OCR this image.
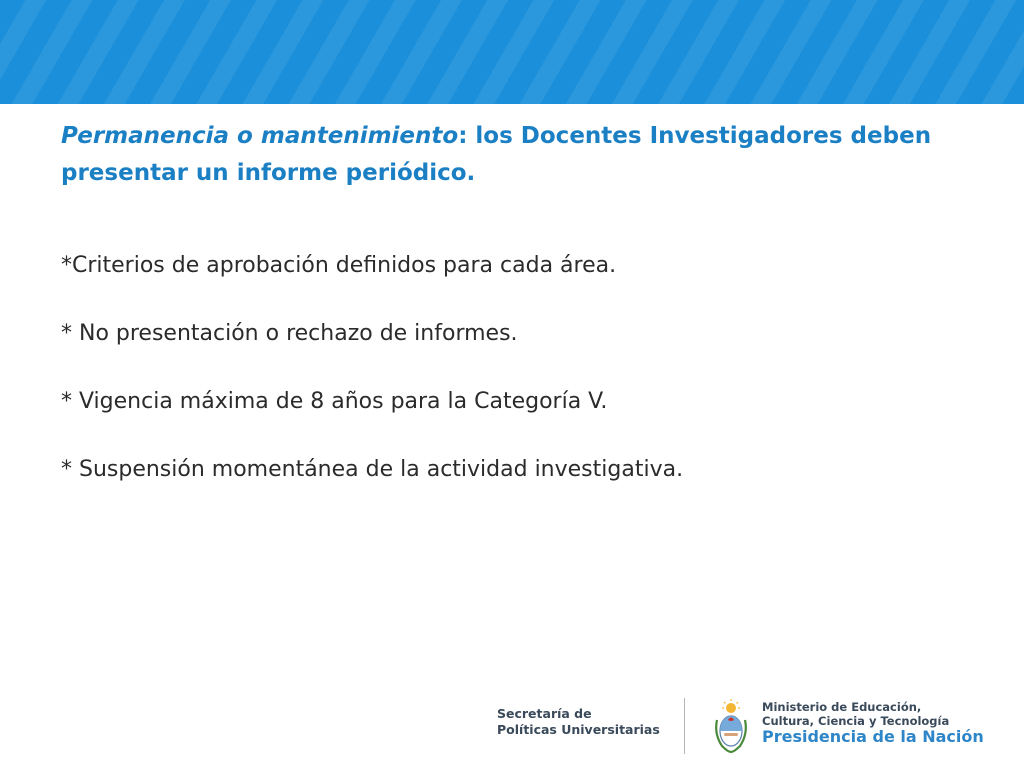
Permanencia o mantenimiento: los Docentes Investigadores deben presentar un informe periódico.
*Criterios de aprobación definidos para cada área.
* No presentación o rechazo de informes.
* Vigencia máxima de 8 años para la Categoría V.
* Suspensión momentánea de la actividad investigativa.
Secretaría de
Políticas Universitarias
Ministerio de Educación,
Cultura, Ciencia y Tecnología
Presidencia de la Nación
